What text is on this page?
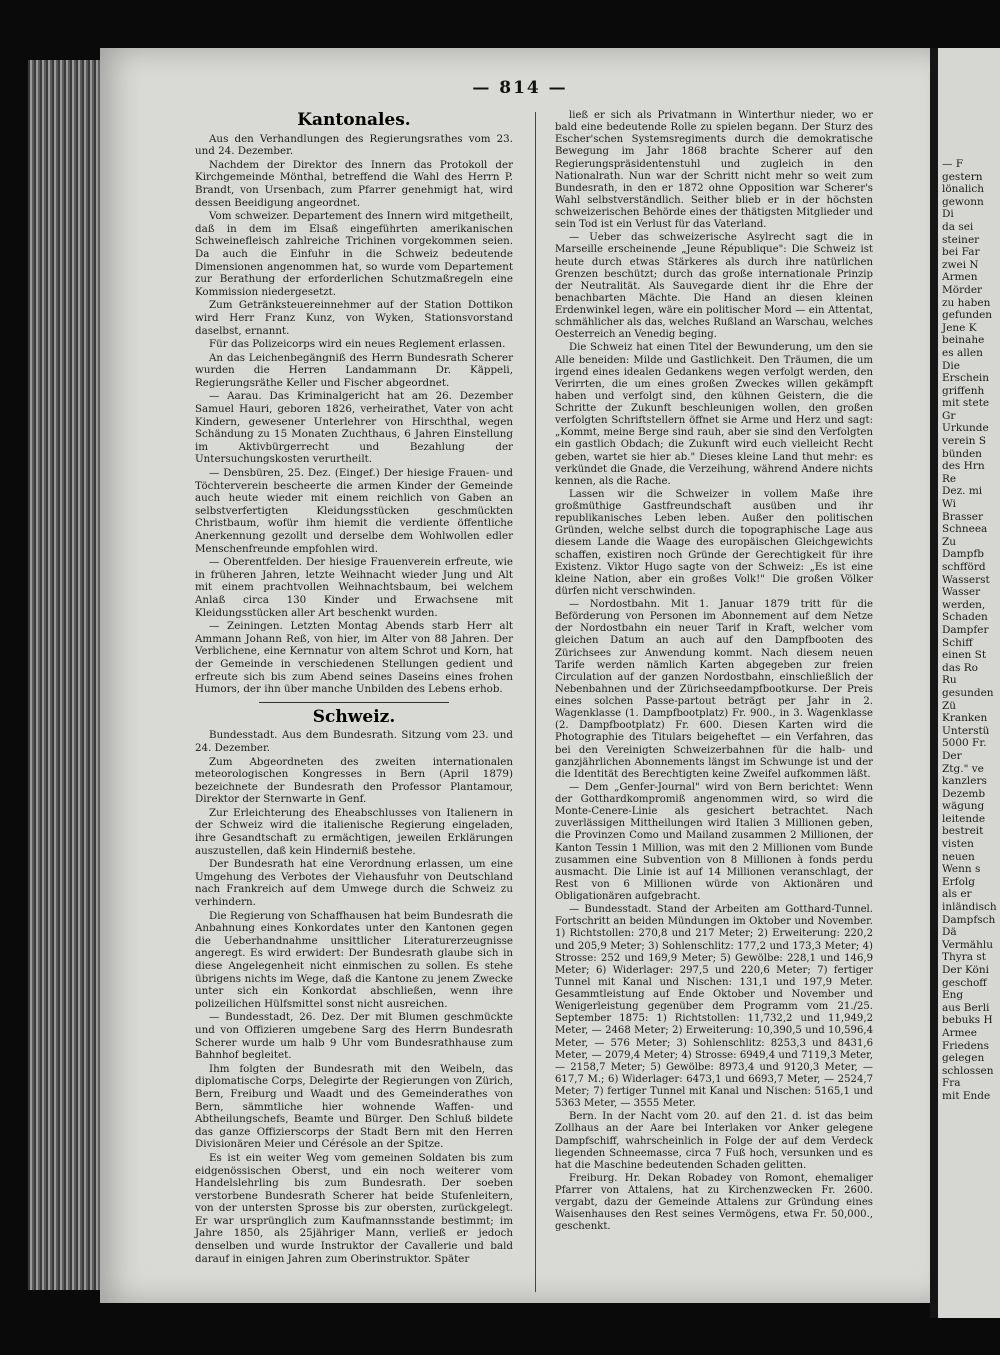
— 814 —
Kantonales.

Aus den Verhandlungen des Regierungsrathes vom 23. und 24. Dezember.

Nachdem der Direktor des Innern das Protokoll der Kirchgemeinde Mönthal, betreffend die Wahl des Herrn P. Brandt, von Ursenbach, zum Pfarrer genehmigt hat, wird dessen Beeidigung angeordnet.

Vom schweizer. Departement des Innern wird mitgetheilt, daß in dem im Elsaß eingeführten amerikanischen Schweinefleisch zahlreiche Trichinen vorgekommen seien. Da auch die Einfuhr in die Schweiz bedeutende Dimensionen angenommen hat, so wurde vom Departement zur Berathung der erforderlichen Schutzmaßregeln eine Kommission niedergesetzt.

Zum Getränksteuereinnehmer auf der Station Dottikon wird Herr Franz Kunz, von Wyken, Stationsvorstand daselbst, ernannt.

Für das Polizeicorps wird ein neues Reglement erlassen.

An das Leichenbegängniß des Herrn Bundesrath Scherer wurden die Herren Landammann Dr. Käppeli, Regierungsräthe Keller und Fischer abgeordnet.

— Aarau. Das Kriminalgericht hat am 26. Dezember Samuel Hauri, geboren 1826, verheirathet, Vater von acht Kindern, gewesener Unterlehrer von Hirschthal, wegen Schändung zu 15 Monaten Zuchthaus, 6 Jahren Einstellung im Aktivbürgerrecht und Bezahlung der Untersuchungskosten verurtheilt.

— Densbüren, 25. Dez. (Eingef.) Der hiesige Frauen- und Töchterverein bescheerte die armen Kinder der Gemeinde auch heute wieder mit einem reichlich von Gaben an selbstverfertigten Kleidungsstücken geschmückten Christbaum, wofür ihm hiemit die verdiente öffentliche Anerkennung gezollt und derselbe dem Wohlwollen edler Menschenfreunde empfohlen wird.

— Oberentfelden. Der hiesige Frauenverein erfreute, wie in früheren Jahren, letzte Weihnacht wieder Jung und Alt mit einem prachtvollen Weihnachtsbaum, bei welchem Anlaß circa 130 Kinder und Erwachsene mit Kleidungsstücken aller Art beschenkt wurden.

— Zeiningen. Letzten Montag Abends starb Herr alt Ammann Johann Reß, von hier, im Alter von 88 Jahren. Der Verblichene, eine Kernnatur von altem Schrot und Korn, hat der Gemeinde in verschiedenen Stellungen gedient und erfreute sich bis zum Abend seines Daseins eines frohen Humors, der ihn über manche Unbilden des Lebens erhob.

Schweiz.

Bundesstadt. Aus dem Bundesrath. Sitzung vom 23. und 24. Dezember.

Zum Abgeordneten des zweiten internationalen meteorologischen Kongresses in Bern (April 1879) bezeichnete der Bundesrath den Professor Plantamour, Direktor der Sternwarte in Genf.

Zur Erleichterung des Eheabschlusses von Italienern in der Schweiz wird die italienische Regierung eingeladen, ihre Gesandtschaft zu ermächtigen, jeweilen Erklärungen auszustellen, daß kein Hinderniß bestehe.

Der Bundesrath hat eine Verordnung erlassen, um eine Umgehung des Verbotes der Viehausfuhr von Deutschland nach Frankreich auf dem Umwege durch die Schweiz zu verhindern.

Die Regierung von Schaffhausen hat beim Bundesrath die Anbahnung eines Konkordates unter den Kantonen gegen die Ueberhandnahme unsittlicher Literaturerzeugnisse angeregt. Es wird erwidert: Der Bundesrath glaube sich in diese Angelegenheit nicht einmischen zu sollen. Es stehe übrigens nichts im Wege, daß die Kantone zu jenem Zwecke unter sich ein Konkordat abschließen, wenn ihre polizeilichen Hülfsmittel sonst nicht ausreichen.

— Bundesstadt, 26. Dez. Der mit Blumen geschmückte und von Offizieren umgebene Sarg des Herrn Bundesrath Scherer wurde um halb 9 Uhr vom Bundesrathhause zum Bahnhof begleitet.

Ihm folgten der Bundesrath mit den Weibeln, das diplomatische Corps, Delegirte der Regierungen von Zürich, Bern, Freiburg und Waadt und des Gemeinderathes von Bern, sämmtliche hier wohnende Waffen- und Abtheilungschefs, Beamte und Bürger. Den Schluß bildete das ganze Offizierscorps der Stadt Bern mit den Herren Divisionären Meier und Cérésole an der Spitze.

Es ist ein weiter Weg vom gemeinen Soldaten bis zum eidgenössischen Oberst, und ein noch weiterer vom Handelslehrling bis zum Bundesrath. Der soeben verstorbene Bundesrath Scherer hat beide Stufenleitern, von der untersten Sprosse bis zur obersten, zurückgelegt. Er war ursprünglich zum Kaufmannsstande bestimmt; im Jahre 1850, als 25jähriger Mann, verließ er jedoch denselben und wurde Instruktor der Cavallerie und bald darauf in einigen Jahren zum Oberinstruktor. Später

ließ er sich als Privatmann in Winterthur nieder, wo er bald eine bedeutende Rolle zu spielen begann. Der Sturz des Escher'schen Systemsregiments durch die demokratische Bewegung im Jahr 1868 brachte Scherer auf den Regierungspräsidentenstuhl und zugleich in den Nationalrath. Nun war der Schritt nicht mehr so weit zum Bundesrath, in den er 1872 ohne Opposition war Scherer's Wahl selbstverständlich. Seither blieb er in der höchsten schweizerischen Behörde eines der thätigsten Mitglieder und sein Tod ist ein Verlust für das Vaterland.

— Ueber das schweizerische Asylrecht sagt die in Marseille erscheinende „Jeune République": Die Schweiz ist heute durch etwas Stärkeres als durch ihre natürlichen Grenzen beschützt; durch das große internationale Prinzip der Neutralität. Als Sauvegarde dient ihr die Ehre der benachbarten Mächte. Die Hand an diesen kleinen Erdenwinkel legen, wäre ein politischer Mord — ein Attentat, schmählicher als das, welches Rußland an Warschau, welches Oesterreich an Venedig beging.

Die Schweiz hat einen Titel der Bewunderung, um den sie Alle beneiden: Milde und Gastlichkeit. Den Träumen, die um irgend eines idealen Gedankens wegen verfolgt werden, den Verirrten, die um eines großen Zweckes willen gekämpft haben und verfolgt sind, den kühnen Geistern, die die Schritte der Zukunft beschleunigen wollen, den großen verfolgten Schriftstellern öffnet sie Arme und Herz und sagt: „Kommt, meine Berge sind rauh, aber sie sind den Verfolgten ein gastlich Obdach; die Zukunft wird euch vielleicht Recht geben, wartet sie hier ab." Dieses kleine Land thut mehr: es verkündet die Gnade, die Verzeihung, während Andere nichts kennen, als die Rache.

Lassen wir die Schweizer in vollem Maße ihre großmüthige Gastfreundschaft ausüben und ihr republikanisches Leben leben. Außer den politischen Gründen, welche selbst durch die topographische Lage aus diesem Lande die Waage des europäischen Gleichgewichts schaffen, existiren noch Gründe der Gerechtigkeit für ihre Existenz. Viktor Hugo sagte von der Schweiz: „Es ist eine kleine Nation, aber ein großes Volk!" Die großen Völker dürfen nicht verschwinden.

— Nordostbahn. Mit 1. Januar 1879 tritt für die Beförderung von Personen im Abonnement auf dem Netze der Nordostbahn ein neuer Tarif in Kraft, welcher vom gleichen Datum an auch auf den Dampfbooten des Zürichsees zur Anwendung kommt. Nach diesem neuen Tarife werden nämlich Karten abgegeben zur freien Circulation auf der ganzen Nordostbahn, einschließlich der Nebenbahnen und der Zürichseedampfbootkurse. Der Preis eines solchen Passe-partout beträgt per Jahr in 2. Wagenklasse (1. Dampfbootplatz) Fr. 900., in 3. Wagenklasse (2. Dampfbootplatz) Fr. 600. Diesen Karten wird die Photographie des Titulars beigeheftet — ein Verfahren, das bei den Vereinigten Schweizerbahnen für die halb- und ganzjährlichen Abonnements längst im Schwunge ist und der die Identität des Berechtigten keine Zweifel aufkommen läßt.

— Dem „Genfer-Journal" wird von Bern berichtet: Wenn der Gotthardkompromiß angenommen wird, so wird die Monte-Cenere-Linie als gesichert betrachtet. Nach zuverlässigen Mittheilungen wird Italien 3 Millionen geben, die Provinzen Como und Mailand zusammen 2 Millionen, der Kanton Tessin 1 Million, was mit den 2 Millionen vom Bunde zusammen eine Subvention von 8 Millionen à fonds perdu ausmacht. Die Linie ist auf 14 Millionen veranschlagt, der Rest von 6 Millionen würde von Aktionären und Obligationären aufgebracht.

— Bundesstadt. Stand der Arbeiten am Gotthard-Tunnel. Fortschritt an beiden Mündungen im Oktober und November. 1) Richtstollen: 270,8 und 217 Meter; 2) Erweiterung: 220,2 und 205,9 Meter; 3) Sohlenschlitz: 177,2 und 173,3 Meter; 4) Strosse: 252 und 169,9 Meter; 5) Gewölbe: 228,1 und 146,9 Meter; 6) Widerlager: 297,5 und 220,6 Meter; 7) fertiger Tunnel mit Kanal und Nischen: 131,1 und 197,9 Meter. Gesammtleistung auf Ende Oktober und November und Wenigerleistung gegenüber dem Programm vom 21./25. September 1875: 1) Richtstollen: 11,732,2 und 11,949,2 Meter, — 2468 Meter; 2) Erweiterung: 10,390,5 und 10,596,4 Meter, — 576 Meter; 3) Sohlenschlitz: 8253,3 und 8431,6 Meter, — 2079,4 Meter; 4) Strosse: 6949,4 und 7119,3 Meter, — 2158,7 Meter; 5) Gewölbe: 8973,4 und 9120,3 Meter, — 617,7 M.; 6) Widerlager: 6473,1 und 6693,7 Meter, — 2524,7 Meter; 7) fertiger Tunnel mit Kanal und Nischen: 5165,1 und 5363 Meter, — 3555 Meter.

Bern. In der Nacht vom 20. auf den 21. d. ist das beim Zollhaus an der Aare bei Interlaken vor Anker gelegene Dampfschiff, wahrscheinlich in Folge der auf dem Verdeck liegenden Schneemasse, circa 7 Fuß hoch, versunken und es hat die Maschine bedeutenden Schaden gelitten.

Freiburg. Hr. Dekan Robadey von Romont, ehemaliger Pfarrer von Attalens, hat zu Kirchenzwecken Fr. 2600. vergabt, dazu der Gemeinde Attalens zur Gründung eines Waisenhauses den Rest seines Vermögens, etwa Fr. 50,000., geschenkt.

— F
gestern
lönalich
gewonn
Di
da sei
steiner
bei Far
zwei N
Armen
Mörder
zu haben
gefunden
Jene K
beinahe
es allen
Die
Erschein
griffenh
mit stete
Gr
Urkunde
verein S
bünden
des Hrn
Re
Dez. mi
Wi
Brasser
Schneea
Zu
Dampfb
schfförd
Wasserst
Wasser
werden,
Schaden
Dampfer
Schiff
einen St
das Ro
Ru
gesunden
Zü
Kranken
Unterstü
5000 Fr.
Der
Ztg." ve
kanzlers
Dezemb
wägung
leitende
bestreit
visten
neuen
Wenn s
Erfolg
als er
inländisch
Dampfsch
Dä
Vermählu
Thyra st
Der Köni
geschoff
Eng
aus Berli
bebuks H
Armee
Friedens
gelegen
schlossen
Fra
mit Ende
